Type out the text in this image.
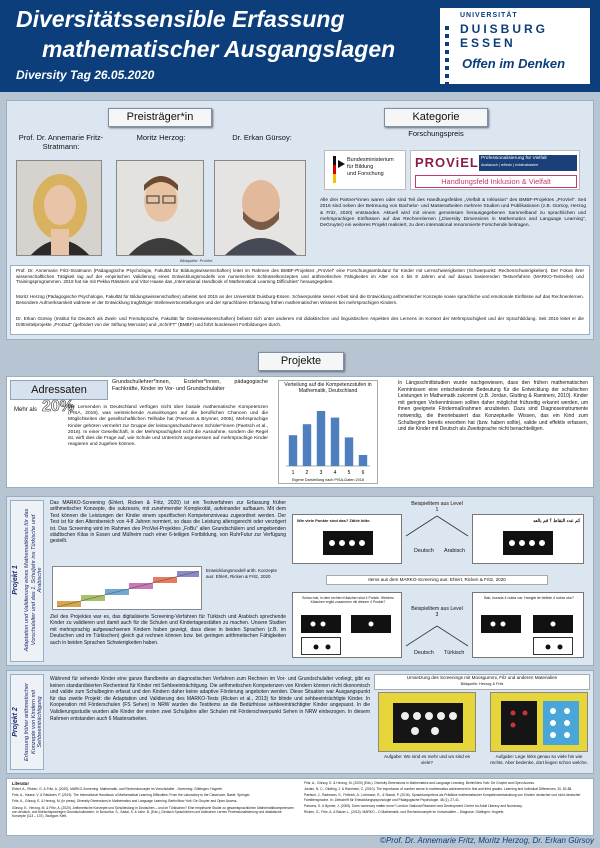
Diversitätssensible Erfassung
mathematischer Ausgangslagen
Diversity Tag 26.05.2020
UNIVERSITÄT
DUISBURG
ESSEN
Offen im Denken
Preisträger*in	Kategorie
Prof. Dr. Annemarie Fritz-Stratmann:
Moritz Herzog:	Dr. Erkan Gürsoy:
Bildquelle: ProViel
Forschungspreis
Bundesministerium
für Bildung
und Forschung
PROViEL Professionalisierung für Vielfalt
Austausch | reflexiv | evidenzbasiert
Handlungsfeld Inklusion & Vielfalt
Alle drei Partner*innen waren oder sind Teil des Handlungsfeldes „Vielfalt & Inklusion“ des BMBF-Projektes „ProViel“. Seit 2016 sind neben der Betreuung von Bachelor- und Masterarbeiten mehrere Studien und Publikationen (z.B. Gürsoy, Herzog & Fritz, 2020) entstanden. Aktuell wird mit einem gemeinsam herausgegebenen Sammelband zu sprachlichen und mehrsprachigen Einflüssen auf das Rechnenlernen („Diversity Dimensions in Mathematics and Language Learning“, DeGruyter) ein weiteres Projekt realisiert, zu dem international renommierte Forschende beitragen.
Prof. Dr. Annemarie Fritz-Stratmann (Pädagogische Psychologie, Fakultät für Bildungswissenschaften) leitet im Rahmen des BMBF-Projektes „ProViel“ eine Forschungsambulanz für Kinder mit Lernschwierigkeiten (Schwerpunkt: Rechenschwierigkeiten). Der Fokus ihrer wissenschaftlichen Tätigkeit lag auf der empirischen Validierung eines Entwicklungsmodells von numerischen Schlüsselkonzepten und arithmetischen Fähigkeiten im Alter von 4 bis 8 Jahren und auf daraus basierenden Testverfahren (MARKO-Testreihe) und Trainingsprogrammen. 2019 hat sie mit Pekka Räsänen und Vitor Haase das „International Handbook of Mathematical Learning Difficulties“ herausgegeben.
Moritz Herzog (Pädagogische Psychologie, Fakultät für Bildungswissenschaften) arbeitet seit 2015 an der Universität Duisburg-Essen. Schwerpunkte seiner Arbeit sind die Entwicklung arithmetischer Konzepte sowie sprachliche und emotionale Einflüsse auf das Rechnenlernen. Besondere Aufmerksamkeit widmete er der Entwicklung tragfähiger Stellenwertvorstellungen und der sprachfairen Erfassung frühen mathematischen Wissens bei mehrsprachigen Kindern.
Dr. Erkan Gürsoy (Institut für Deutsch als Zweit- und Fremdsprache, Fakultät für Geisteswissenschaften) befasst sich unter anderem mit didaktischen und linguistischen Aspekten des Lernens im Kontext der Mehrsprachigkeit und der Sprachbildung. Seit 2016 leitet er die Drittmittelprojekte „ProDaZ“ (gefördert von der Stiftung Mercator) und „SchriFT“ (BMBF) und führt bundesweit Fortbildungen durch.
Projekte
Adressaten
Grundschullehrer*innen, Erzieher*innen, pädagogische Fachkräfte, Kinder im Vor- und Grundschulalter
Mehr als 20%
der Lernenden in Deutschland verfügen nicht über basale mathematische Kompetenzen (PISA, 2019), was weitreichende Auswirkungen auf die beruflichen Chancen und die Möglichkeiten der gesellschaftlichen Teilhabe hat (Parsons & Brynner, 2005). Mehrsprachige Kinder gehören vermehrt zur Gruppe der leistungsschwächeren Schüler*innen (Paetsch et al., 2016). In einer Gesellschaft, in der Mehrsprachigkeit nicht die Ausnahme, sondern die Regel ist, wirft dies die Frage auf, wie Schule und Unterricht angemessen auf mehrsprachige Kinder reagieren und zugehen können.
Verteilung auf die Kompetenzstufen in Mathematik, Deutschland
1 2 3 4 5 6
Eigene Darstellung nach PISA-Daten 2018
In Längsschnittstudien wurde nachgewiesen, dass den frühen mathematischen Kenntnissen eine entscheidende Bedeutung für die Entwicklung der schulischen Leistungen in Mathematik zukommt (z.B. Jordan, Glutting & Ramineni, 2010). Kinder mit geringen Vorkenntnissen sollten daher möglichst frühzeitig erkannt werden, um ihnen geeignete Fördermaßnahmen anzubieten. Dazu sind Diagnoseinstrumente notwendig, die theoriebasiert das Konzeptuelle Wissen, das ein Kind zum Schulbeginn bereits erworben hat (bzw. haben sollte), valide und effektiv erfassen, und die Kinder mit Deutsch als Zweitsprache nicht benachteiligen.
Projekt 1 Adaptation und Validierung eines Mathematiktests für das Vorschulalter und das 1. Schuljahr ins Türkische und Arabische
Das MARKO-Screening (Ehlert, Ricken & Fritz, 2020) ist ein Testverfahren zur Erfassung früher arithmetischer Konzepte, die sukzessiv, mit zunehmender Komplexität, aufeinander aufbauen. Mit dem Test können die Leistungen der Kinder einem spezifischen Kompetenzniveau zugeordnet werden. Der Test ist für den Altersbereich von 4-8 Jahren normiert, so dass die Leistung altersgerecht oder verzögert ist. Das Screening wird im Rahmen des ProViel-Projektes „FoBu“ allen Grundschülern und umgebenden städtischen Kitas in Essen und Mülheim nach einer 6-teiligen Fortbildung, von RuhrFutur zur Verfügung gestellt.
Entwicklungsmodell arith. Konzepte aus: Ehlert, Ricken & Fritz, 2020
Ziel des Projektes war es, das digitalisierte Screening-Verfahren für Türkisch und Arabisch sprechende Kinder zu validieren und damit auch für die Schulen und Kindertagesstätten zu machen. Unsere Studien mit mehrsprachig aufgewachsenen Kindern haben gezeigt, dass diese in beiden Sprachen (z.B. im Deutschen und im Türkischen) gleich gut rechnen können bzw. bei geringen arithmetischen Fähigkeiten auch in beiden Sprachen Schwierigkeiten haben.
Beispielitem aus Level 1
Wie viele Punkte sind das? Zähle bitte.	كم عدد النقاط ؟ قم بالعد
Deutsch Arabisch
Items aus dem MARKO-Screening aus: Ehlert, Ricken & Fritz, 2020
Schau mal, in dem rechten Kästchen sind 4 Punkte. Welches Kästchen ergibt zusammen mit diesem 4 Punkte?
Bak, burada 4 nokta var. Hangisi ile birlikte 4 nokta olur?
Beispielitem aus Level 3
Deutsch Türkisch
Projekt 2 Erfassung früher arithmetischer Konzepte von Kindern mit Sehbeeinträchtigung
Während für sehende Kinder eine ganze Bandbreite an diagnostischen Verfahren zum Rechnen im Vor- und Grundschulalter vorliegt, gibt es keinen standardisierten Rechentest für Kinder mit Sehbeeinträchtigung. Die arithmetischen Kompetenzen von Kindern können nicht ökonomisch und valide zum Schulbeginn erfasst und den Kindern daher keine adaptive Förderung angeboten werden. Diese Situation war Ausgangspunkt für das zweite Projekt: die Adaptation und Validierung des MARKO-Tests (Ricken et al., 2013) für blinde und sehbeeinträchtigte Kinder. In Kooperation mit Förderschulen (FS Sehen) in NRW wurden die Testitems an die Bedürfnisse sehbeeinträchtigter Kinder angepasst. In die Validierungsstudie wurden alle Kinder der ersten zwei Schuljahre aller Schulen mit Förderschwerpunkt Sehen in NRW einbezogen. In diesem Rahmen entstanden auch 6 Masterarbeiten.
Umsetzung des Screenings mit Moosgummi, Filz und anderen Materialien
Bildquelle: Herzog & Fritz
Aufgabe: Wo sind es mehr und wo sind es viele?
Aufgabe: Lege links genau so viele hin wie rechts. Aber bedenke, dort liegen schon welche.
Literatur
Ehlert, A., Ricken, G. & Fritz, A. (2020). MARKO-Screening. Mathematik- und Rechenkonzepte im Vorschulalter - Screening. Göttingen: Hogrefe.
Fritz, A., Haase, V. & Räsänen, P. (2019). The International Handbook of Mathematical Learning Difficulties: From the Laboratory to the Classroom. Basel: Springer.
Fritz, A., Gürsoy, E. & Herzog, M. (in press). Diversity Dimensions in Mathematics and Language Learning. Berlin/New York: De Gruyter and Open Access.
Gürsoy, E., Herzog, M. & Fritz, A. (2020). Arithmetische Konzepte und Schulleistung in Deutschen – und im Türkischen? Eine empirische Studie zu gesamtsprachlichen Mathematikkompetenzen von deutsch- und türkischsprachigen Grundschulkindern. In Boncoltur, S., Sadal, S. & Lahe, B. (Eds.), Deutsch Sprachlichen und türkischen Lernen Professionalisierung und didaktische Konzepte (113 – 137). Stuttgart: Klett.
Fritz, A., Gürsoy, E. & Herzog, M. (2020) (Eds.). Diversity Dimensions in Mathematics and Language Learning. Berlin/New York: De Gruyter and Open Access.
Jordan, N. C., Glutting, J. & Ramineni, C. (2010). The importance of number sense to mathematics achievement in first and third grades. Learning and Individual Differences, 20, 82-88.
Paetsch, J., Radmann, S., Felbrich, A., Lehmann, R., & Stanat, P. (2016). Sprachkompetenz als Prädiktor mathematischer Kompetenzentwicklung von Kindern deutscher und nicht-deutscher Familiensprache. In: Zeitschrift für Entwicklungspsychologie und Pädagogische Psychologie, 48 (1), 27-41.
Parsons, S. & Bynner, J. (2005). Does numeracy matter more? London: National Research and Development Centre for Adult Literacy and Numeracy.
Ricken, G., Fritz, A. & Balzer, L. (2013). MARKO – D Mathematik- und Rechenkonzepte im Vorschulalter – Diagnose. Göttingen: Hogrefe.
©Prof. Dr. Annemarie Fritz, Moritz Herzog, Dr. Erkan Gürsoy
